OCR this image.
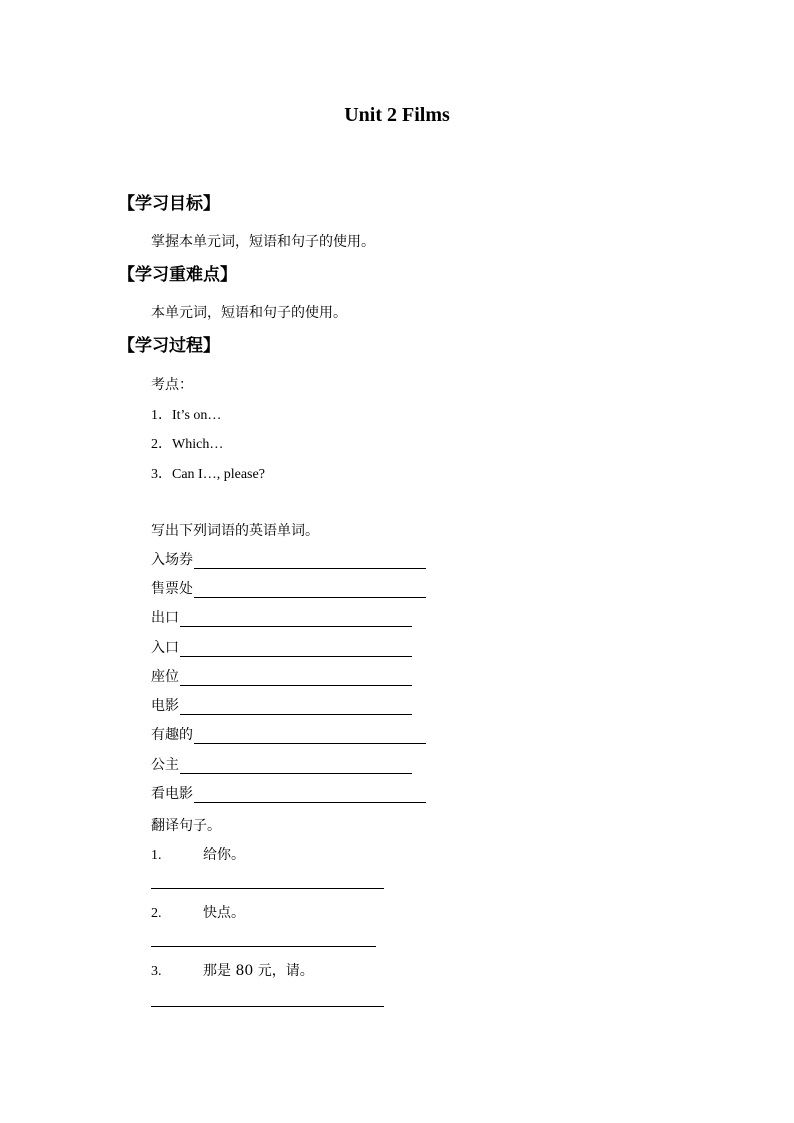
Unit 2 Films
【学习目标】
掌握本单元词，短语和句子的使用。
【学习重难点】
本单元词，短语和句子的使用。
【学习过程】
考点：
1．It’s on…
2．Which…
3．Can I…, please?
写出下列词语的英语单词。
入场券
售票处
出口
入口
座位
电影
有趣的
公主
看电影
翻译句子。
1.	给你。
2.	快点。
3.	那是 80 元，请。
